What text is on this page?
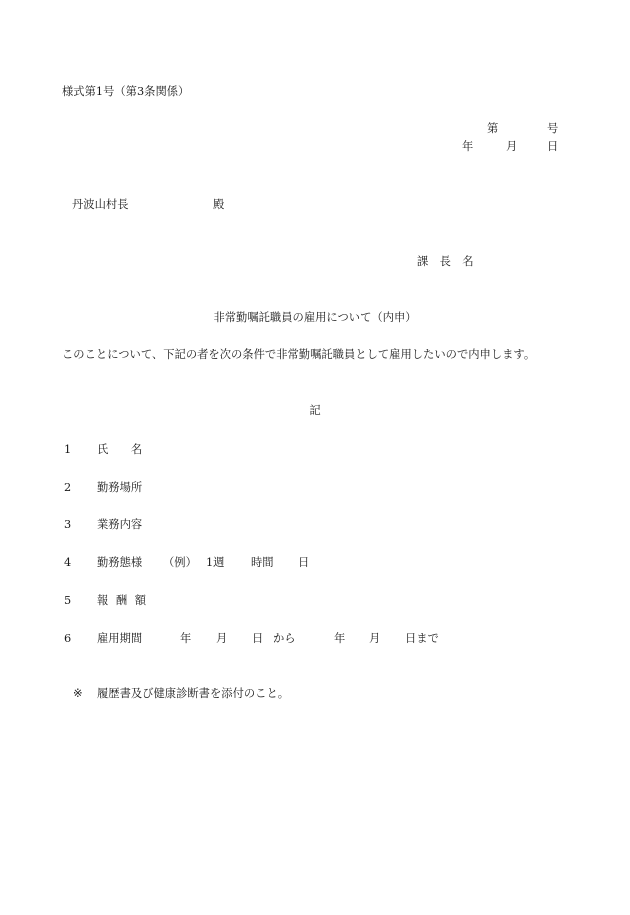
様式第1号（第3条関係）
第	号
年	月	日
丹波山村長	殿
課　長　名
非常勤嘱託職員の雇用について（内申）
このことについて、下記の者を次の条件で非常勤嘱託職員として雇用したいので内申します。
記
1 氏　　名
2 勤務場所
3 業務内容
4 勤務態様 （例） 1週 時間 日
5 報 酬 額
6 雇用期間	年 月 日 から	年 月 日まで
※ 履歴書及び健康診断書を添付のこと。
